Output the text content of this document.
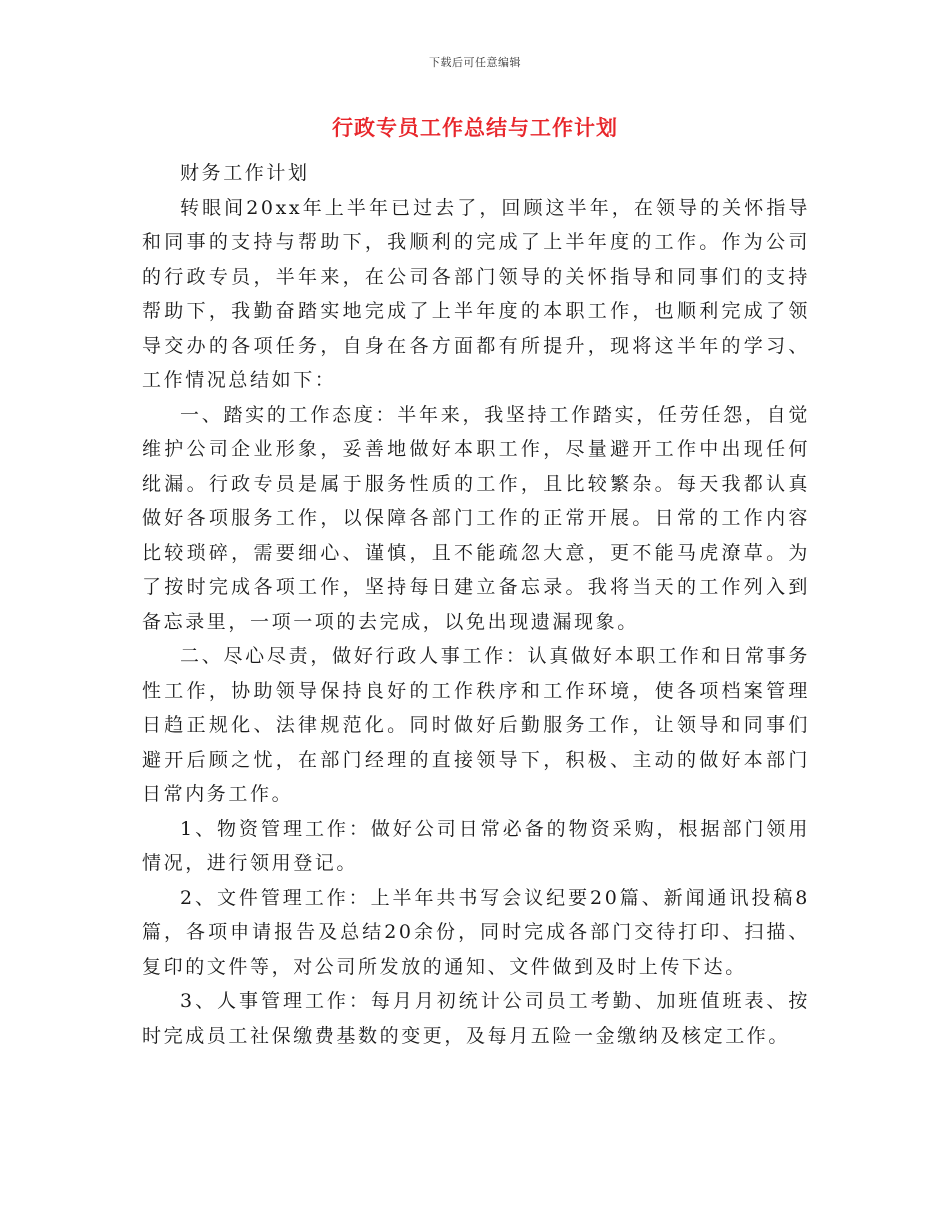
下载后可任意编辑
行政专员工作总结与工作计划

财务工作计划

转眼间20xx年上半年已过去了，回顾这半年，在领导的关怀指导和同事的支持与帮助下，我顺利的完成了上半年度的工作。作为公司的行政专员，半年来，在公司各部门领导的关怀指导和同事们的支持帮助下，我勤奋踏实地完成了上半年度的本职工作，也顺利完成了领导交办的各项任务，自身在各方面都有所提升，现将这半年的学习、工作情况总结如下：

一、踏实的工作态度：半年来，我坚持工作踏实，任劳任怨，自觉维护公司企业形象，妥善地做好本职工作，尽量避开工作中出现任何纰漏。行政专员是属于服务性质的工作，且比较繁杂。每天我都认真做好各项服务工作，以保障各部门工作的正常开展。日常的工作内容比较琐碎，需要细心、谨慎，且不能疏忽大意，更不能马虎潦草。为了按时完成各项工作，坚持每日建立备忘录。我将当天的工作列入到备忘录里，一项一项的去完成，以免出现遗漏现象。

二、尽心尽责，做好行政人事工作：认真做好本职工作和日常事务性工作，协助领导保持良好的工作秩序和工作环境，使各项档案管理日趋正规化、法律规范化。同时做好后勤服务工作，让领导和同事们避开后顾之忧，在部门经理的直接领导下，积极、主动的做好本部门日常内务工作。

1、物资管理工作：做好公司日常必备的物资采购，根据部门领用情况，进行领用登记。

2、文件管理工作：上半年共书写会议纪要20篇、新闻通讯投稿8篇，各项申请报告及总结20余份，同时完成各部门交待打印、扫描、复印的文件等，对公司所发放的通知、文件做到及时上传下达。

3、人事管理工作：每月月初统计公司员工考勤、加班值班表、按时完成员工社保缴费基数的变更，及每月五险一金缴纳及核定工作。
